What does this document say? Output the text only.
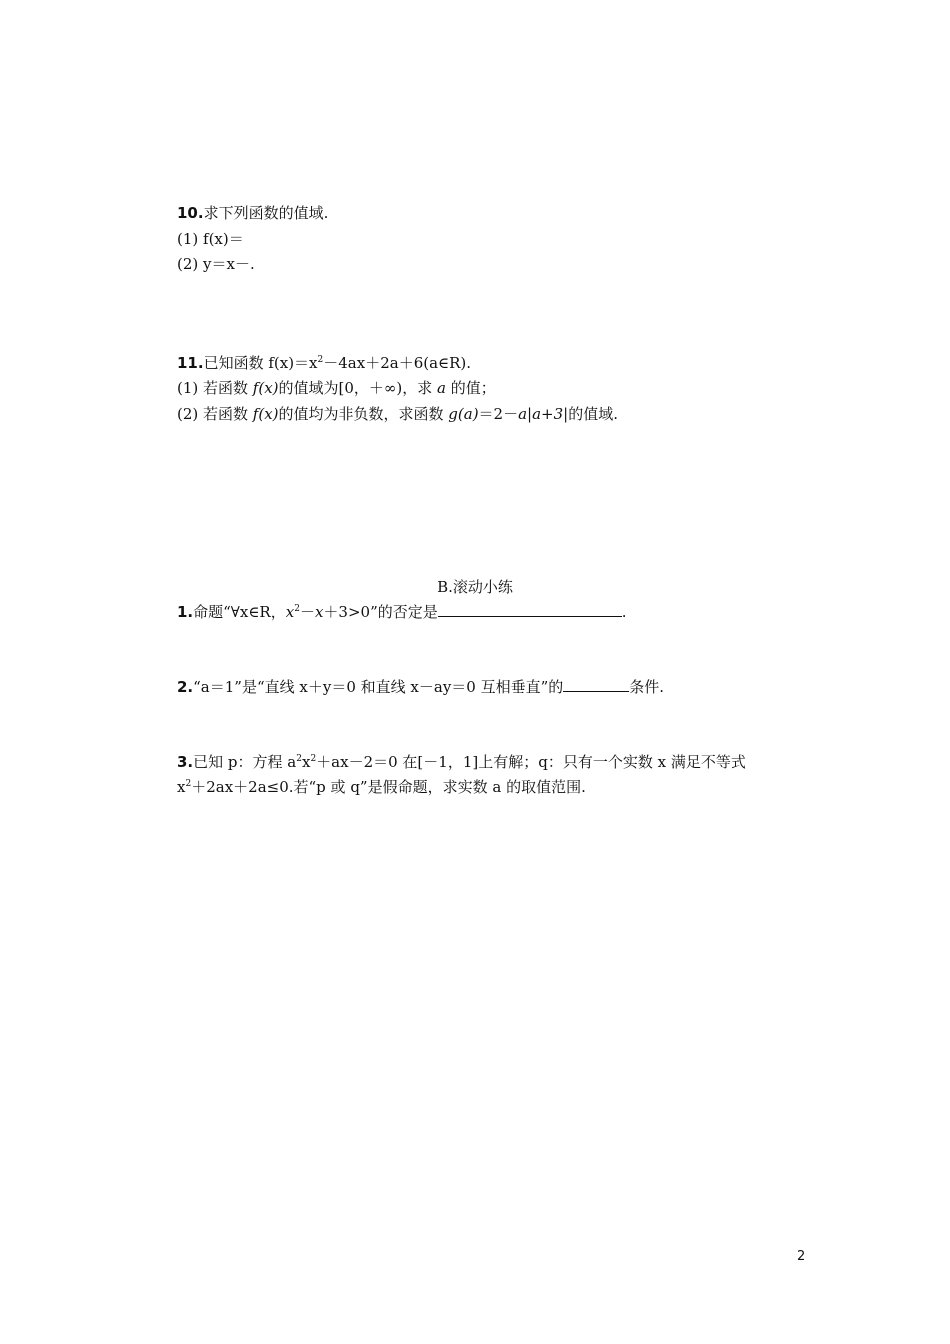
10.求下列函数的值域.
(1) f(x)＝
(2) y＝x－.
11.已知函数 $f(x)=x^2-4ax+2a+6(a\in R)$.
(1) 若函数 f(x)的值域为[0，＋∞)，求 a 的值；
(2) 若函数 f(x)的值均为非负数，求函数 g(a)＝2－a|a+3|的值域.
B.滚动小练
1.命题“∀x∈R，$x^2-x+3>0$”的否定是	.
2.“a＝1”是“直线 x＋y＝0 和直线 x－ay＝0 互相垂直”的	条件.
3.已知 p：方程 $a^2x^2+ax-2=0$ 在[－1，1]上有解；q：只有一个实数 x 满足不等式
$x^2+2ax+2a\le 0$.若“p 或 q”是假命题，求实数 a 的取值范围.
2
